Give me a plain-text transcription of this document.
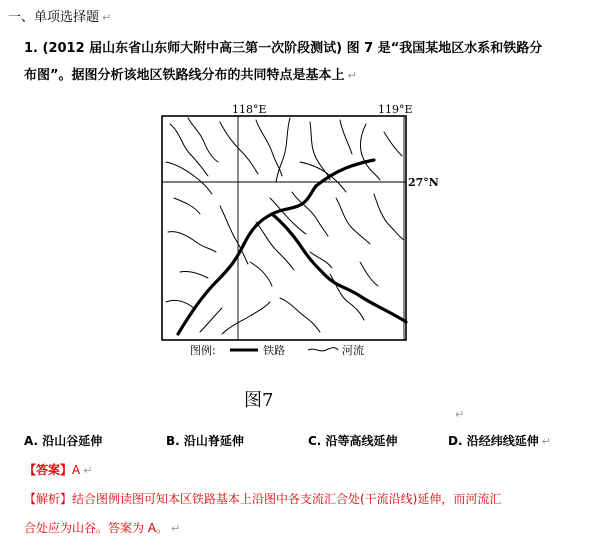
一、单项选择题 ↵
1. (2012 届山东省山东师大附中高三第一次阶段测试) 图 7 是“我国某地区水系和铁路分
布图”。据图分析该地区铁路线分布的共同特点是基本上 ↵
118°E	119°E
27°N
图例:	铁路	河流
图7
↵
A. 沿山谷延伸	B. 沿山脊延伸	C. 沿等高线延伸	D. 沿经纬线延伸 ↵
【答案】A ↵
【解析】结合图例读图可知本区铁路基本上沿图中各支流汇合处(干流沿线)延伸，而河流汇
合处应为山谷。答案为 A。 ↵
